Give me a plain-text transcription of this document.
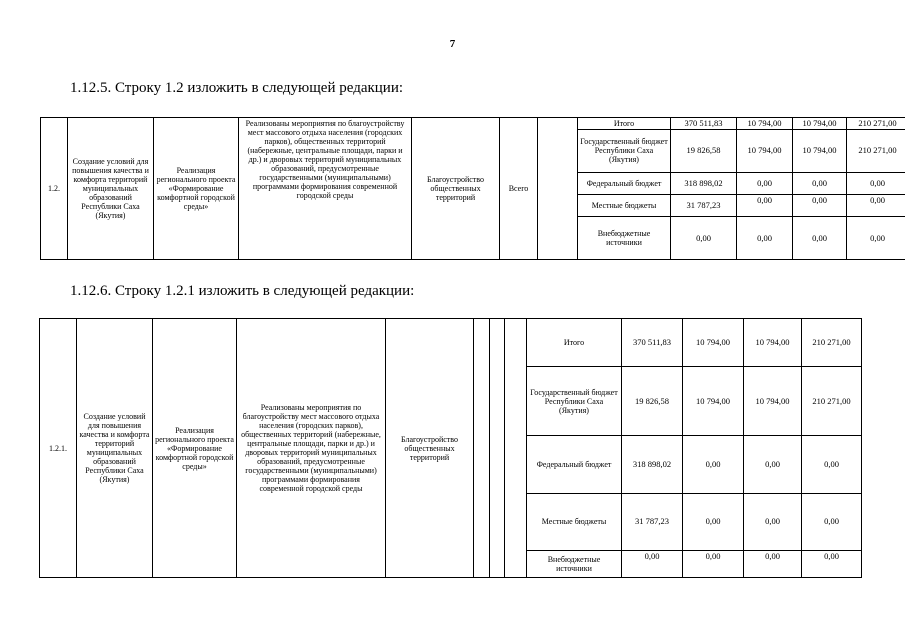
7
1.12.5. Строку 1.2 изложить в следующей редакции:
1.2.	Создание условий для повышения качества и комфорта территорий муниципальных образований Республики Саха (Якутия)	Реализация регионального проекта «Формирование комфортной городской среды»	Реализованы мероприятия по благоустройству мест массового отдыха населения (городских парков), общественных территорий (набережные, центральные площади, парки и др.) и дворовых территорий муниципальных образований, предусмотренные государственными (муниципальными) программами формирования современной городской среды	Благоустройство общественных территорий	Всего		Итого	370 511,83	10 794,00	10 794,00	210 271,00
							Государственный бюджет Республики Саха (Якутия)	19 826,58	10 794,00	10 794,00	210 271,00
							Федеральный бюджет	318 898,02	0,00	0,00	0,00
							Местные бюджеты	31 787,23	0,00	0,00	0,00
							Внебюджетные источники	0,00	0,00	0,00	0,00
1.12.6. Строку 1.2.1 изложить в следующей редакции:
1.2.1.	Создание условий для повышения качества и комфорта территорий муниципальных образований Республики Саха (Якутия)	Реализация регионального проекта «Формирование комфортной городской среды»	Реализованы мероприятия по благоустройству мест массового отдыха населения (городских парков), общественных территорий (набережные, центральные площади, парки и др.) и дворовых территорий муниципальных образований, предусмотренные государственными (муниципальными) программами формирования современной городской среды	Благоустройство общественных территорий				Итого	370 511,83	10 794,00	10 794,00	210 271,00
								Государственный бюджет Республики Саха (Якутия)	19 826,58	10 794,00	10 794,00	210 271,00
								Федеральный бюджет	318 898,02	0,00	0,00	0,00
								Местные бюджеты	31 787,23	0,00	0,00	0,00
								Внебюджетные источники	0,00	0,00	0,00	0,00
